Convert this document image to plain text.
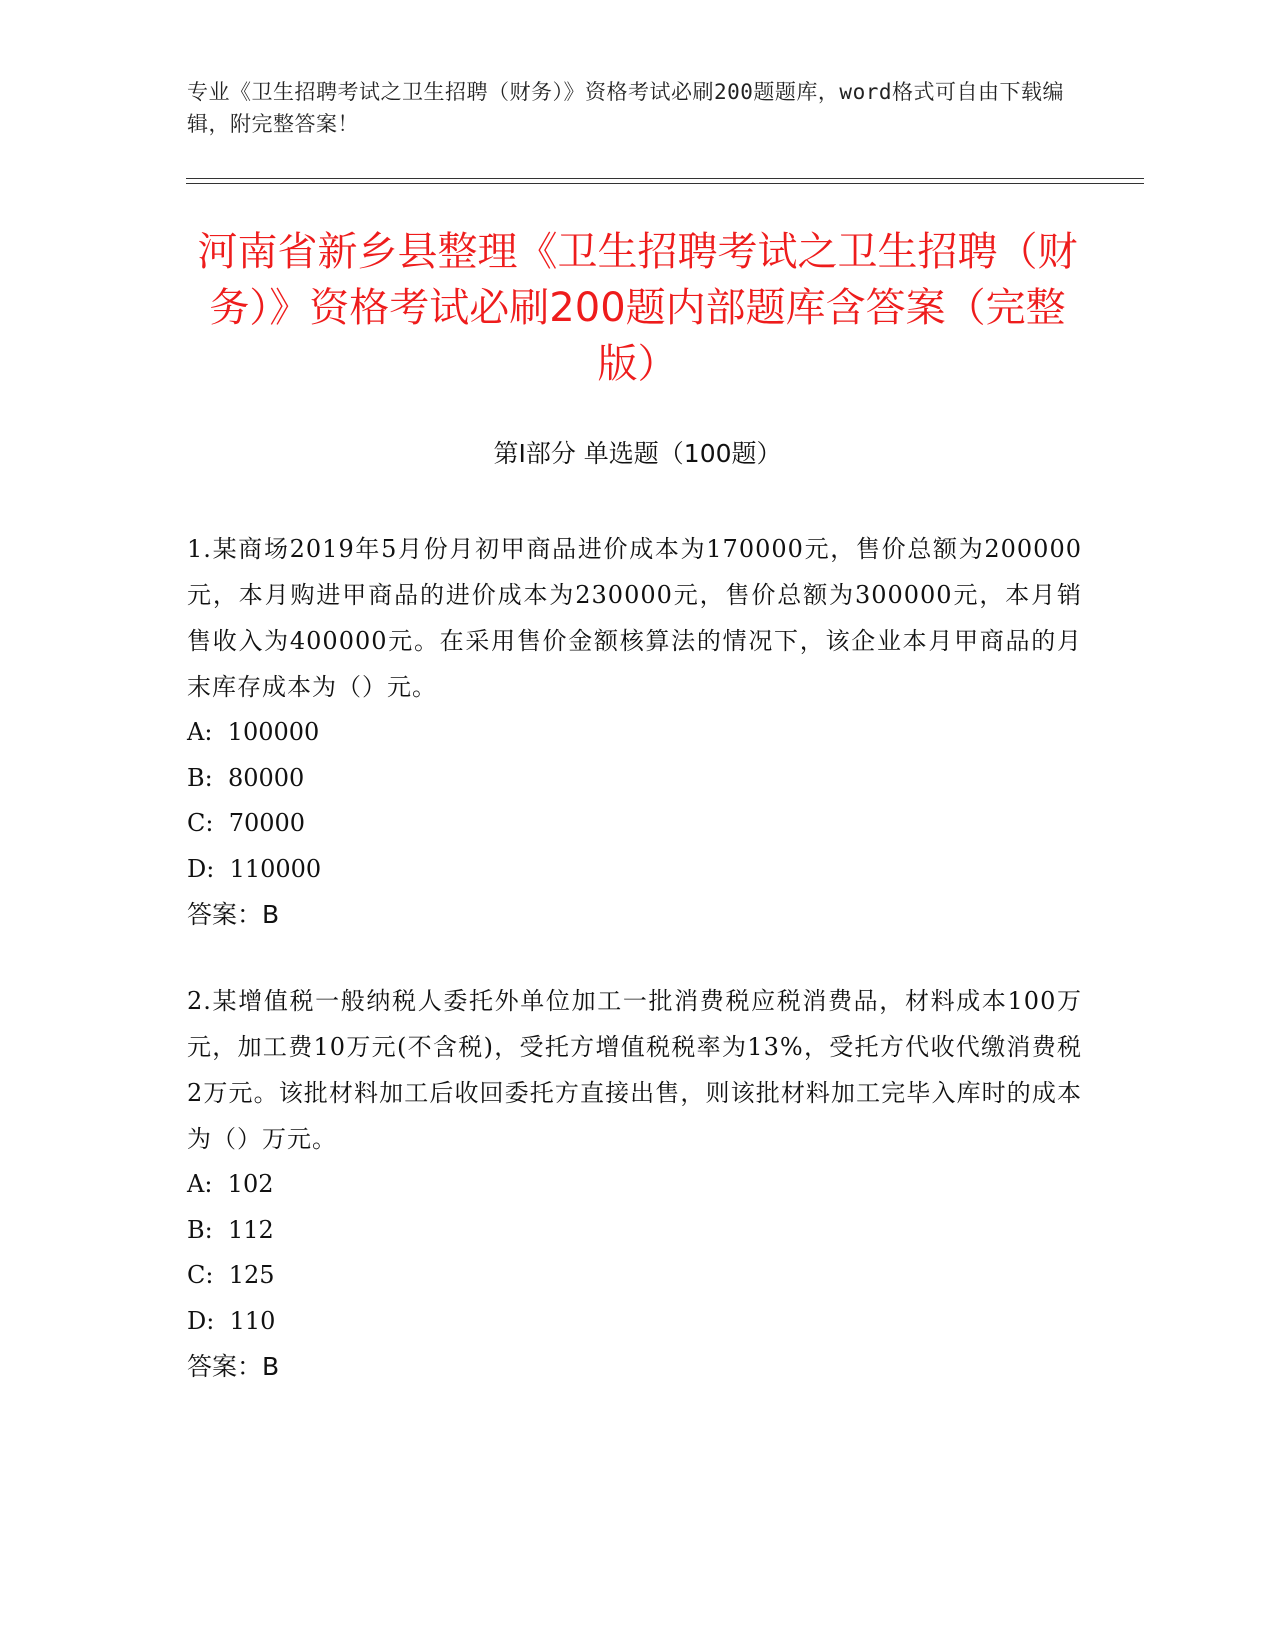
专业《卫生招聘考试之卫生招聘（财务）》资格考试必刷200题题库，word格式可自由下载编辑，附完整答案！
河南省新乡县整理《卫生招聘考试之卫生招聘（财务）》资格考试必刷200题内部题库含答案（完整版）
第I部分 单选题（100题）

1.某商场2019年5月份月初甲商品进价成本为170000元，售价总额为200000元，本月购进甲商品的进价成本为230000元，售价总额为300000元，本月销售收入为400000元。在采用售价金额核算法的情况下，该企业本月甲商品的月末库存成本为（）元。

A:  100000

B:  80000

C:  70000

D:  110000

答案：B

2.某增值税一般纳税人委托外单位加工一批消费税应税消费品，材料成本100万元，加工费10万元(不含税)，受托方增值税税率为13%，受托方代收代缴消费税2万元。该批材料加工后收回委托方直接出售，则该批材料加工完毕入库时的成本为（）万元。

A:  102

B:  112

C:  125

D:  110

答案：B
